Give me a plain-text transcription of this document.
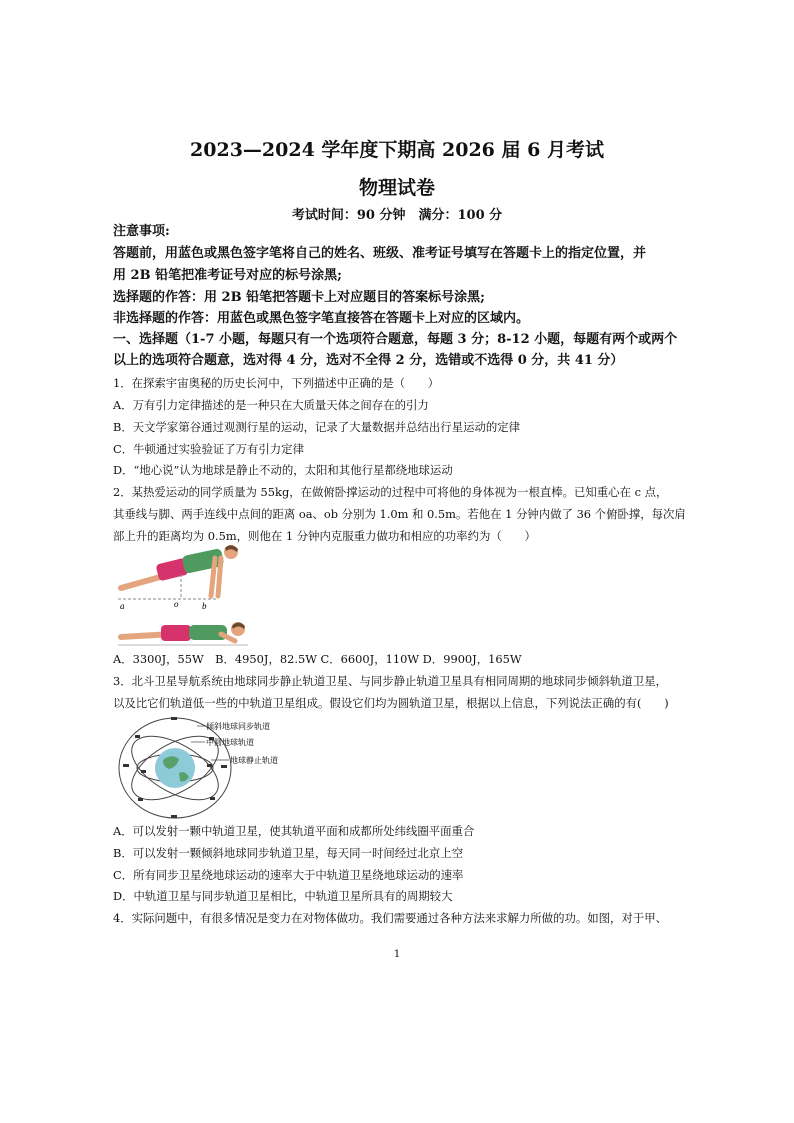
2023—2024 学年度下期高 2026 届 6 月考试
物理试卷
考试时间：90 分钟　满分：100 分
注意事项:
答题前，用蓝色或黑色签字笔将自己的姓名、班级、准考证号填写在答题卡上的指定位置，并
用 2B 铅笔把准考证号对应的标号涂黑;
选择题的作答：用 2B 铅笔把答题卡上对应题目的答案标号涂黑;
非选择题的作答：用蓝色或黑色签字笔直接答在答题卡上对应的区域内。
一、选择题（1-7 小题，每题只有一个选项符合题意，每题 3 分；8-12 小题，每题有两个或两个
以上的选项符合题意，选对得 4 分，选对不全得 2 分，选错或不选得 0 分，共 41 分）
1．在探索宇宙奥秘的历史长河中，下列描述中正确的是（　　）
A．万有引力定律描述的是一种只在大质量天体之间存在的引力
B．天文学家第谷通过观测行星的运动，记录了大量数据并总结出行星运动的定律
C．牛顿通过实验验证了万有引力定律
D．“地心说”认为地球是静止不动的，太阳和其他行星都绕地球运动
2．某热爱运动的同学质量为 55kg，在做俯卧撑运动的过程中可将他的身体视为一根直棒。已知重心在 c 点，
其垂线与脚、两手连线中点间的距离 oa、ob 分别为 1.0m 和 0.5m。若他在 1 分钟内做了 36 个俯卧撑，每次肩
部上升的距离均为 0.5m，则他在 1 分钟内克服重力做功和相应的功率约为（　　）
a	o	b
A．3300J，55W　B．4950J，82.5W C．6600J，110W D．9900J，165W
3．北斗卫星导航系统由地球同步静止轨道卫星、与同步静止轨道卫星具有相同周期的地球同步倾斜轨道卫星，
以及比它们轨道低一些的中轨道卫星组成。假设它们均为圆轨道卫星，根据以上信息，下列说法正确的有(　　)
倾斜地球同步轨道
中圆地球轨道
地球静止轨道
A．可以发射一颗中轨道卫星，使其轨道平面和成都所处纬线圈平面重合
B．可以发射一颗倾斜地球同步轨道卫星，每天同一时间经过北京上空
C．所有同步卫星绕地球运动的速率大于中轨道卫星绕地球运动的速率
D．中轨道卫星与同步轨道卫星相比，中轨道卫星所具有的周期较大
4．实际问题中，有很多情况是变力在对物体做功。我们需要通过各种方法来求解力所做的功。如图，对于甲、
1
